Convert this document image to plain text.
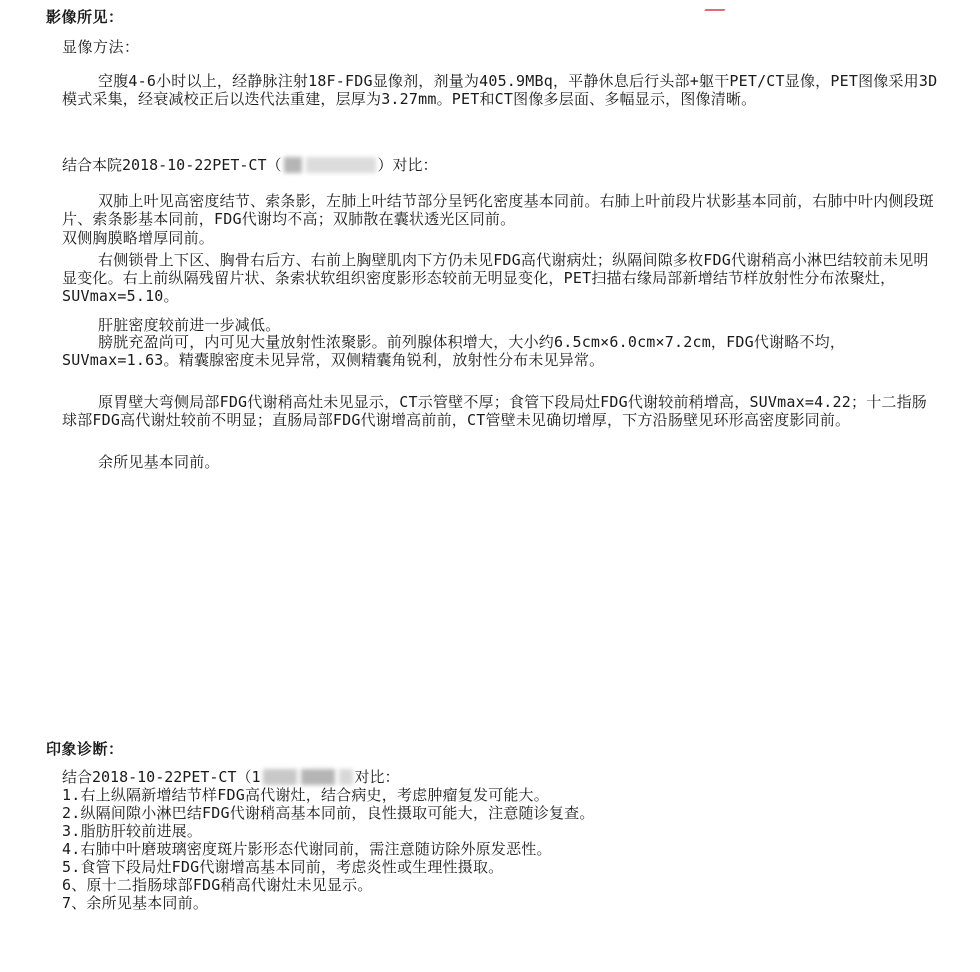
影像所见：
显像方法：
空腹4-6小时以上，经静脉注射18F-FDG显像剂，剂量为405.9MBq，平静休息后行头部+躯干PET/CT显像，PET图像采用3D模式采集，经衰减校正后以迭代法重建，层厚为3.27mm。PET和CT图像多层面、多幅显示，图像清晰。
结合本院2018-10-22PET-CT（	）对比：
双肺上叶见高密度结节、索条影，左肺上叶结节部分呈钙化密度基本同前。右肺上叶前段片状影基本同前，右肺中叶内侧段斑片、索条影基本同前，FDG代谢均不高；双肺散在囊状透光区同前。
双侧胸膜略增厚同前。
右侧锁骨上下区、胸骨右后方、右前上胸壁肌肉下方仍未见FDG高代谢病灶；纵隔间隙多枚FDG代谢稍高小淋巴结较前未见明显变化。右上前纵隔残留片状、条索状软组织密度影形态较前无明显变化，PET扫描右缘局部新增结节样放射性分布浓聚灶，SUVmax=5.10。
肝脏密度较前进一步减低。
膀胱充盈尚可，内可见大量放射性浓聚影。前列腺体积增大，大小约6.5cm×6.0cm×7.2cm，FDG代谢略不均，SUVmax=1.63。精囊腺密度未见异常，双侧精囊角锐利，放射性分布未见异常。
原胃壁大弯侧局部FDG代谢稍高灶未见显示，CT示管壁不厚；食管下段局灶FDG代谢较前稍增高，SUVmax=4.22；十二指肠球部FDG高代谢灶较前不明显；直肠局部FDG代谢增高前前，CT管壁未见确切增厚，下方沿肠壁见环形高密度影同前。
余所见基本同前。
印象诊断：
结合2018-10-22PET-CT（1	对比：
1.右上纵隔新增结节样FDG高代谢灶，结合病史，考虑肿瘤复发可能大。
2.纵隔间隙小淋巴结FDG代谢稍高基本同前，良性摄取可能大，注意随诊复查。
3.脂肪肝较前进展。
4.右肺中叶磨玻璃密度斑片影形态代谢同前，需注意随访除外原发恶性。
5.食管下段局灶FDG代谢增高基本同前，考虑炎性或生理性摄取。
6、原十二指肠球部FDG稍高代谢灶未见显示。
7、余所见基本同前。
